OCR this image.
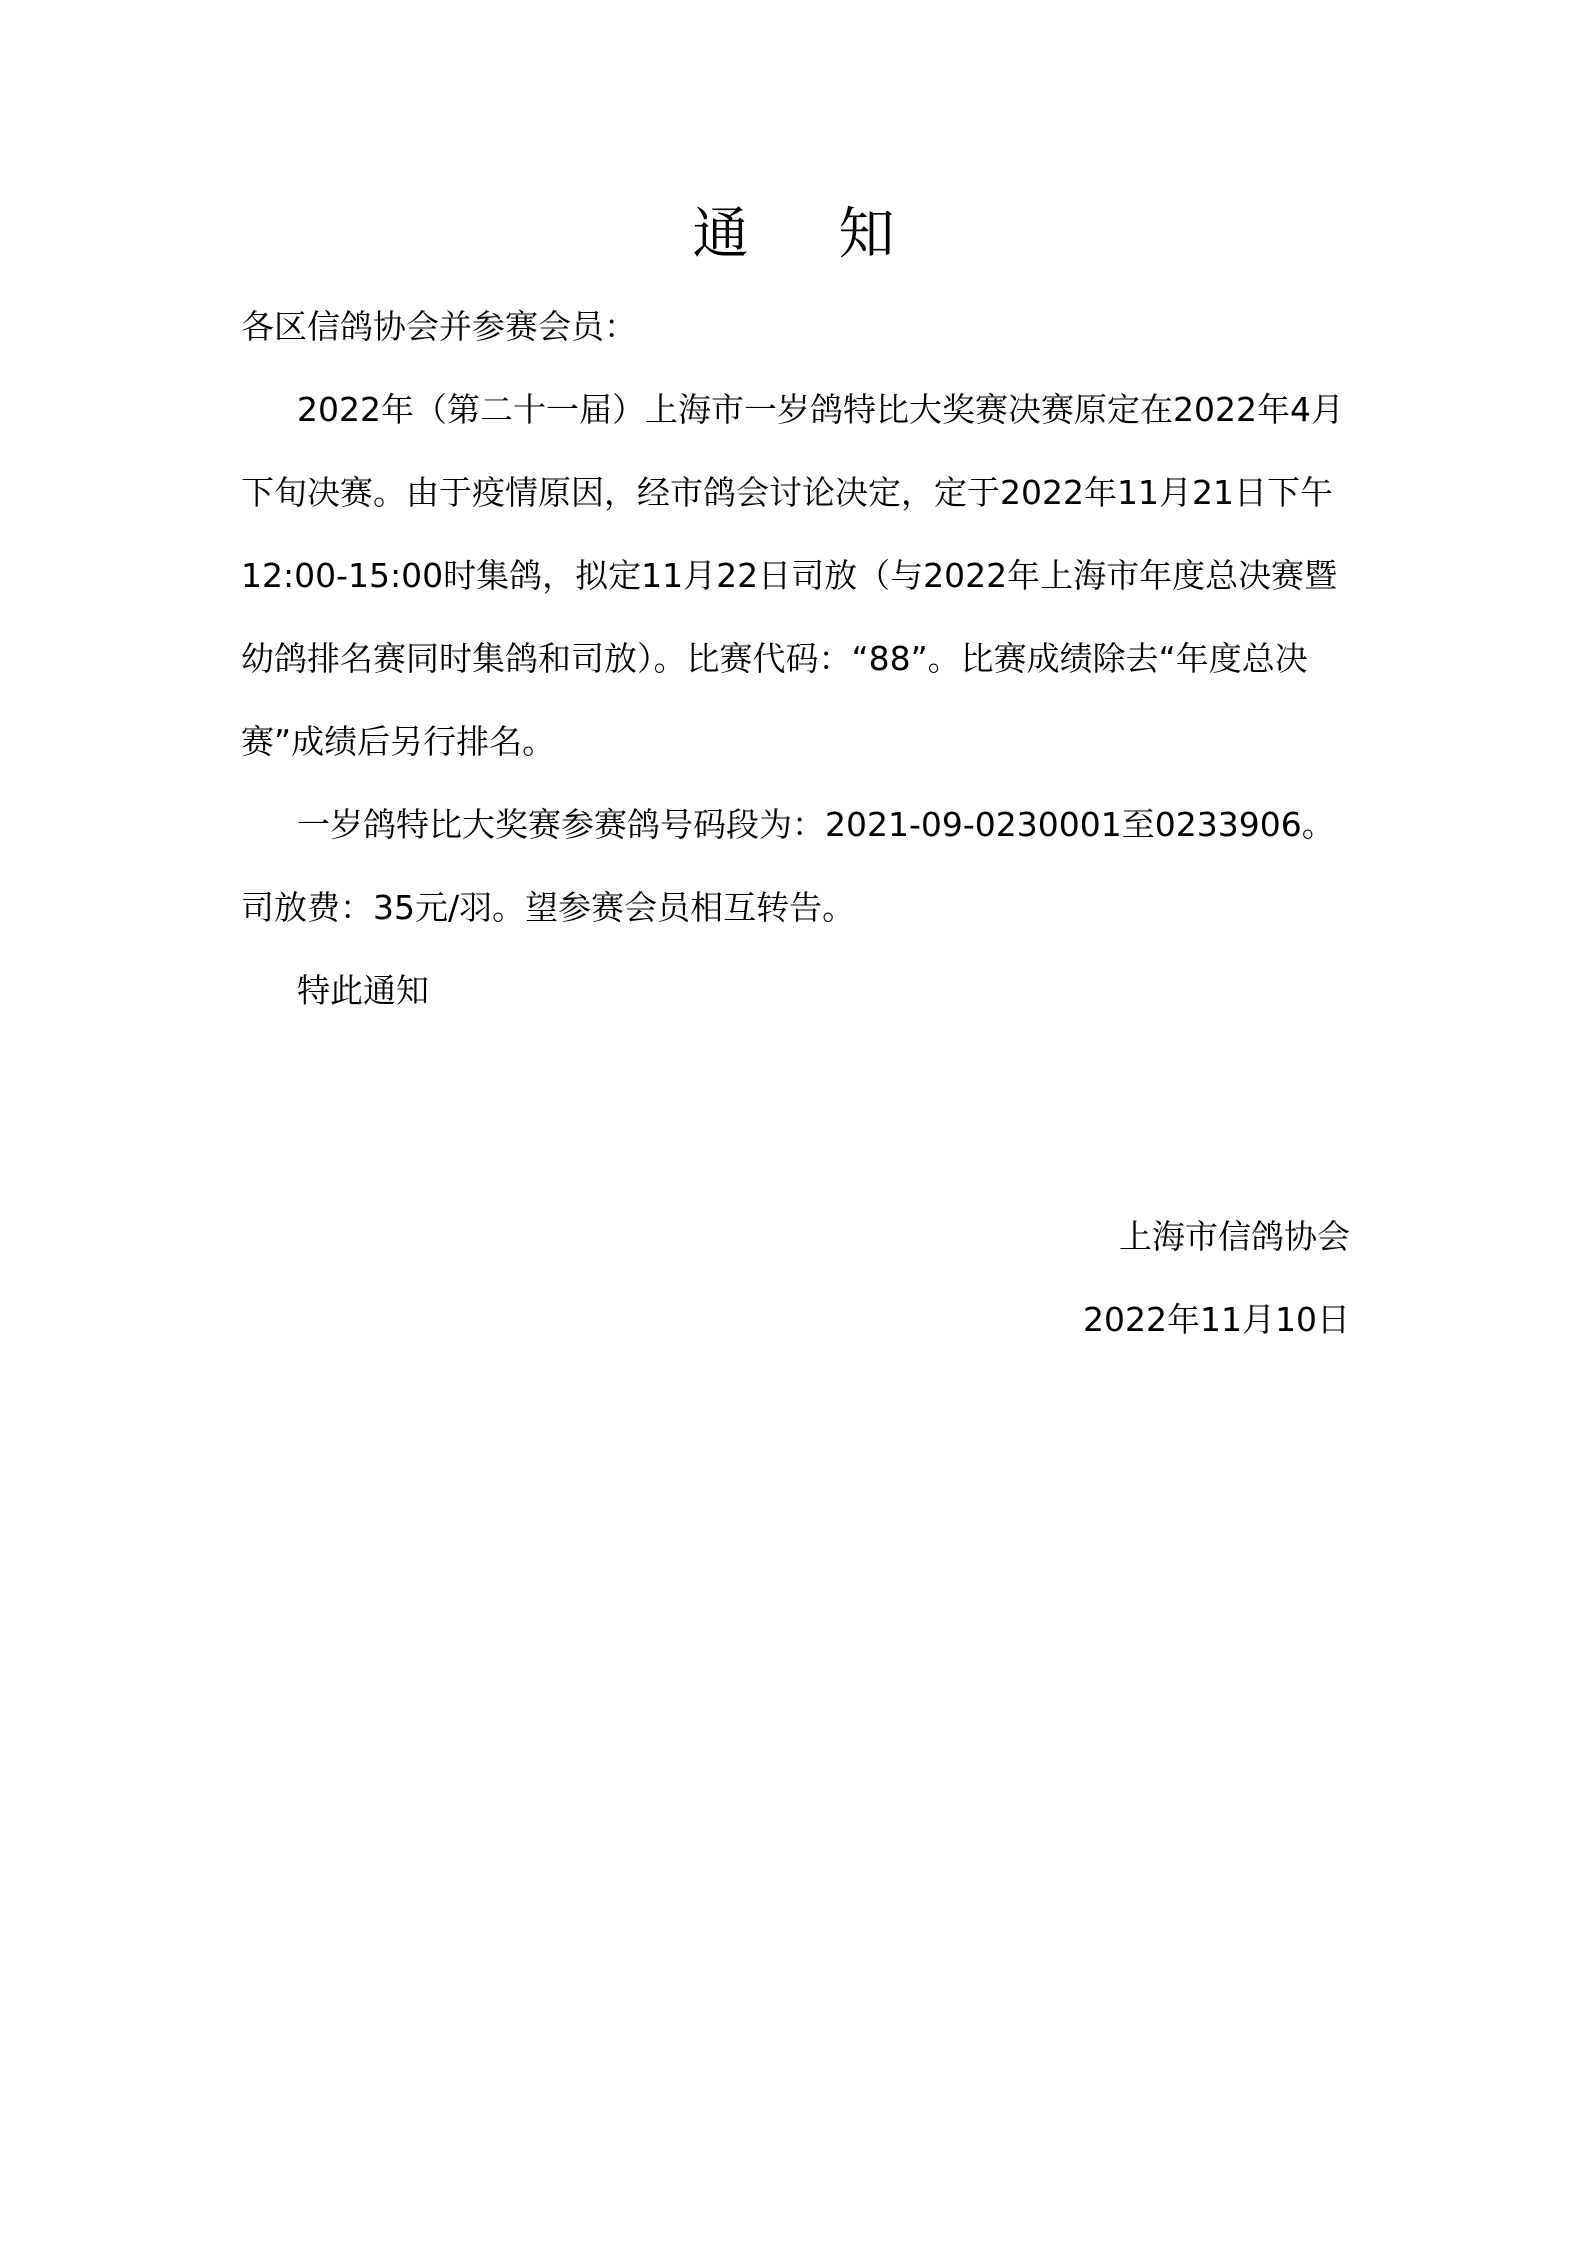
通知

各区信鸽协会并参赛会员：

2022年（第二十一届）上海市一岁鸽特比大奖赛决赛原定在2022年4月下旬决赛。由于疫情原因，经市鸽会讨论决定，定于2022年11月21日下午12:00-15:00时集鸽，拟定11月22日司放（与2022年上海市年度总决赛暨幼鸽排名赛同时集鸽和司放）。比赛代码：“88”。比赛成绩除去“年度总决赛”成绩后另行排名。

一岁鸽特比大奖赛参赛鸽号码段为：2021-09-0230001至0233906。司放费：35元/羽。望参赛会员相互转告。

特此通知

上海市信鸽协会
2022年11月10日
